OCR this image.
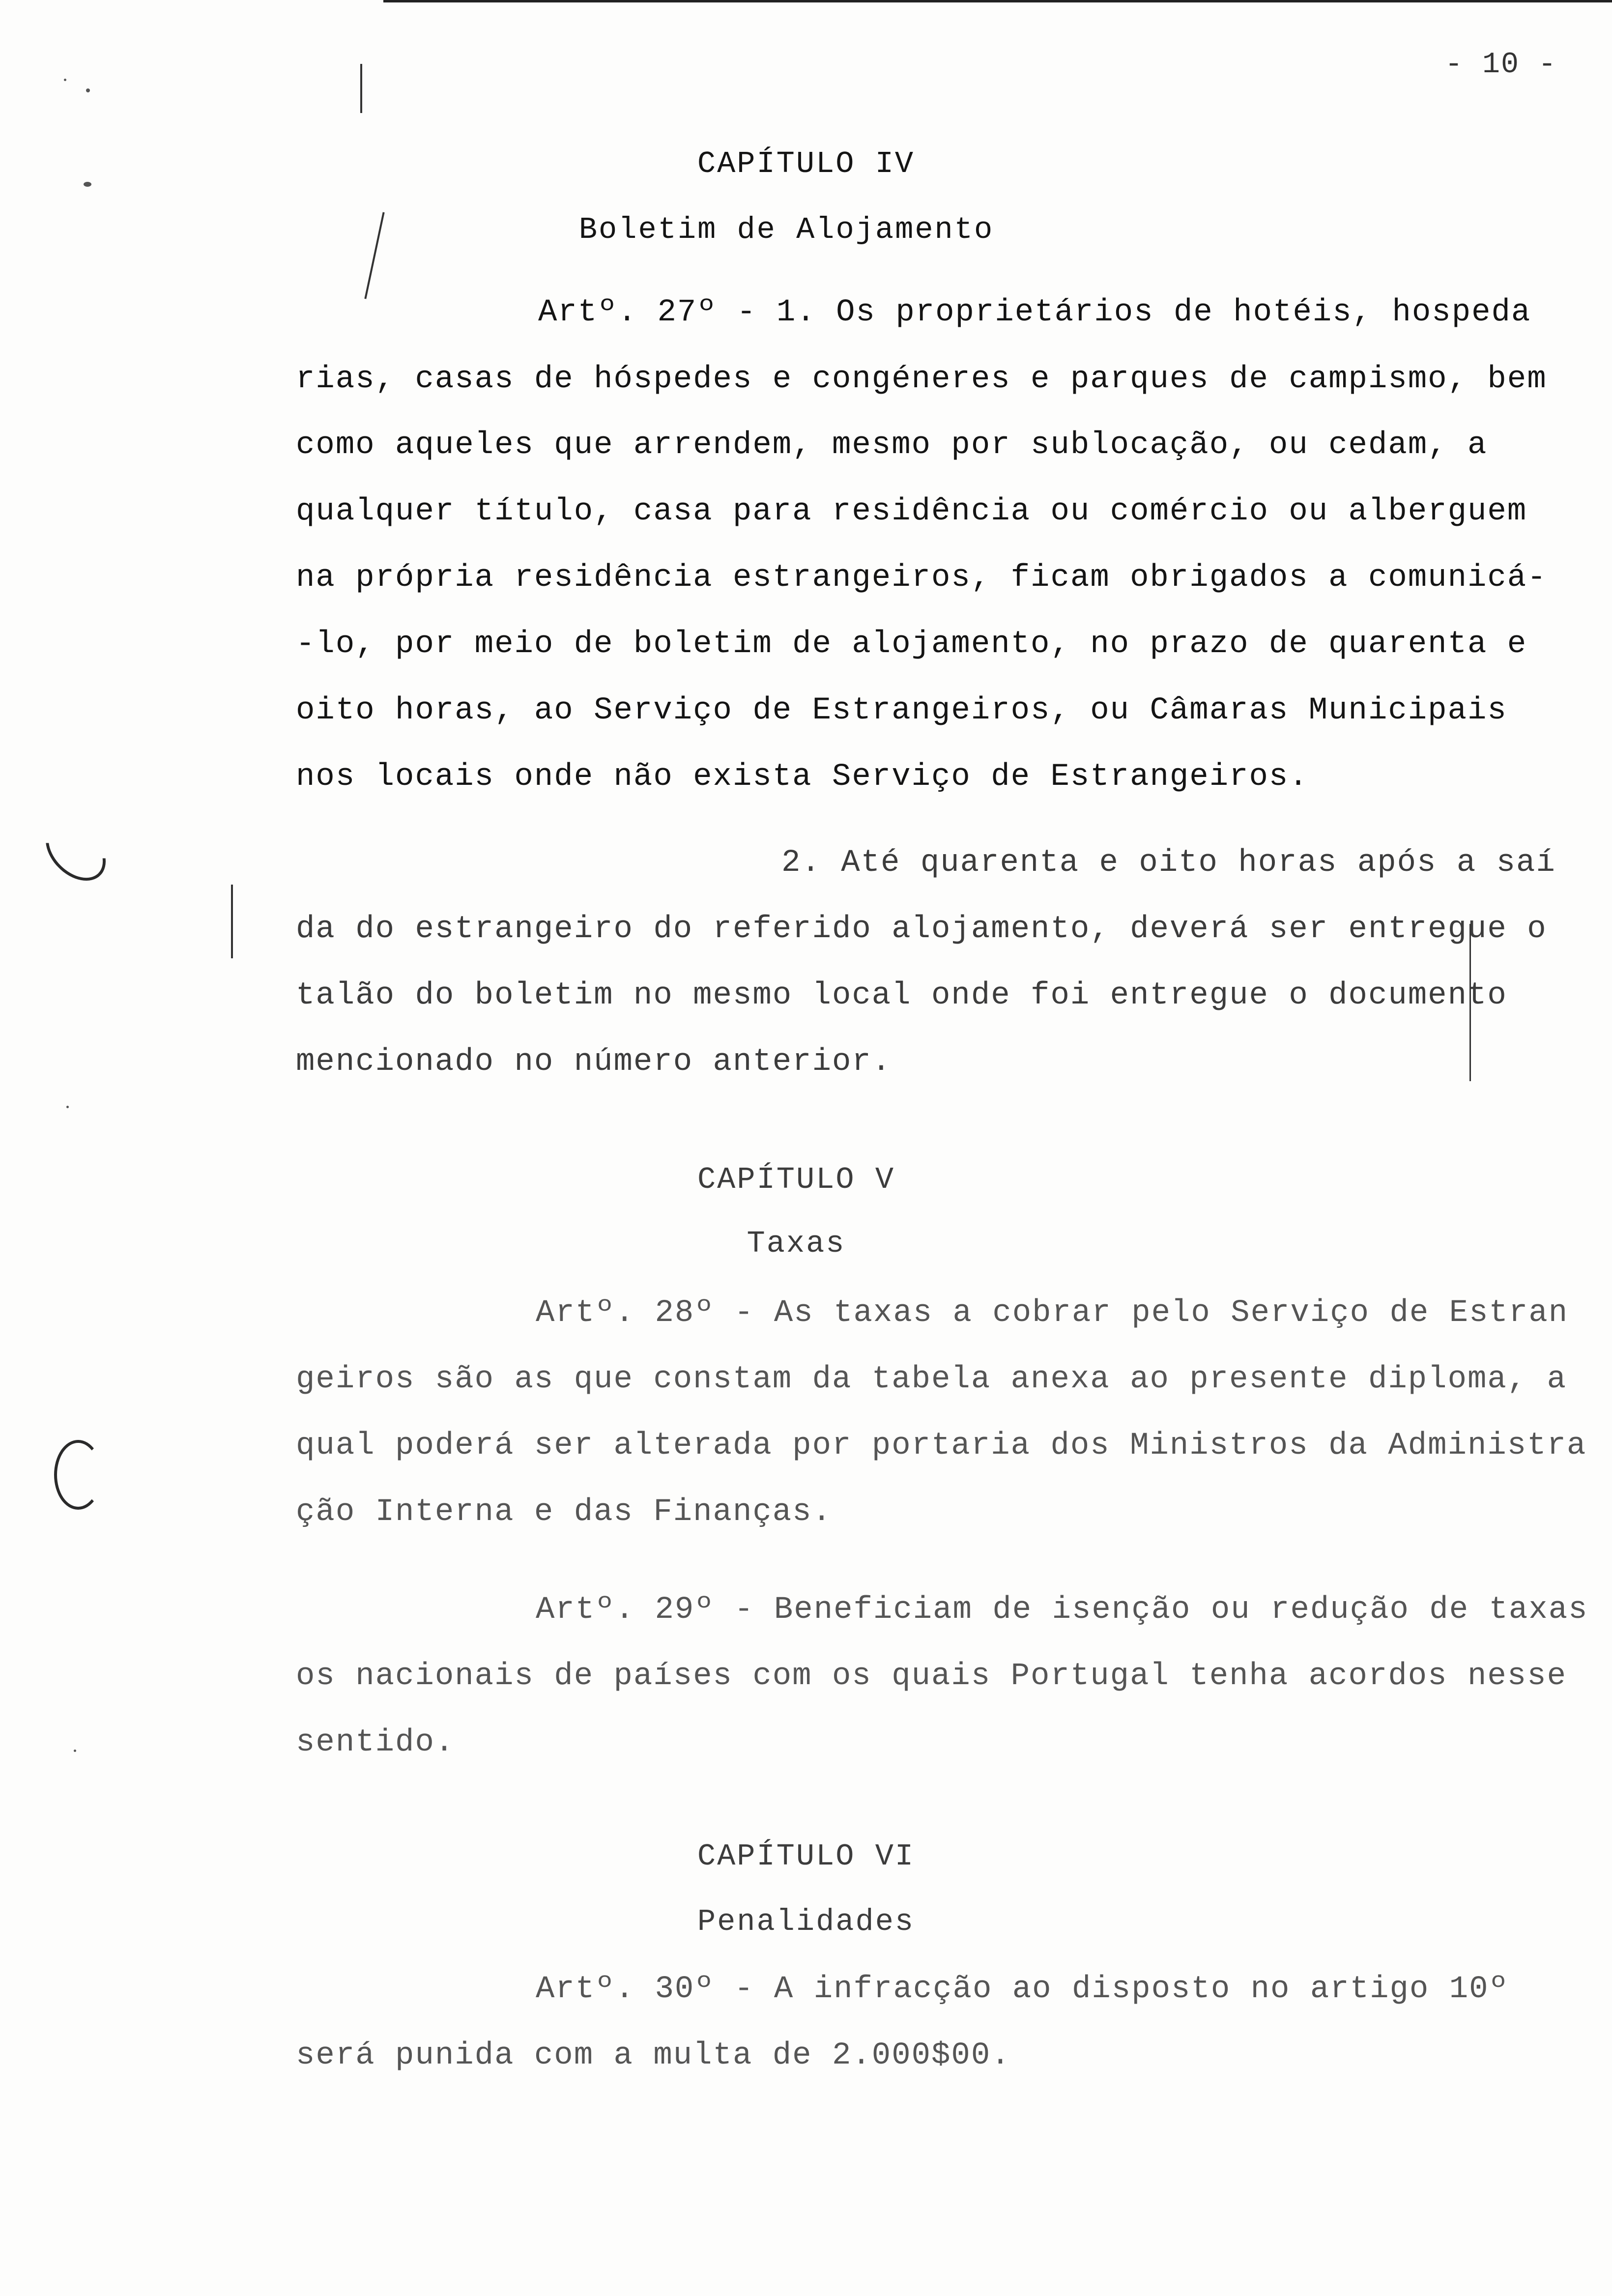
- 10 -
CAPÍTULO IV
Boletim de Alojamento
Artº. 27º - 1. Os proprietários de hotéis, hospeda
rias, casas de hóspedes e congéneres e parques de campismo, bem
como aqueles que arrendem, mesmo por sublocação, ou cedam, a
qualquer título, casa para residência ou comércio ou alberguem
na própria residência estrangeiros, ficam obrigados a comunicá-
-lo, por meio de boletim de alojamento, no prazo de quarenta e
oito horas, ao Serviço de Estrangeiros, ou Câmaras Municipais
nos locais onde não exista Serviço de Estrangeiros.
2. Até quarenta e oito horas após a saí
da do estrangeiro do referido alojamento, deverá ser entregue o
talão do boletim no mesmo local onde foi entregue o documento
mencionado no número anterior.
CAPÍTULO V
Taxas
Artº. 28º - As taxas a cobrar pelo Serviço de Estran
geiros são as que constam da tabela anexa ao presente diploma, a
qual poderá ser alterada por portaria dos Ministros da Administra
ção Interna e das Finanças.
Artº. 29º - Beneficiam de isenção ou redução de taxas
os nacionais de países com os quais Portugal tenha acordos nesse
sentido.
CAPÍTULO VI
Penalidades
Artº. 30º - A infracção ao disposto no artigo 10º
será punida com a multa de 2.000$00.
